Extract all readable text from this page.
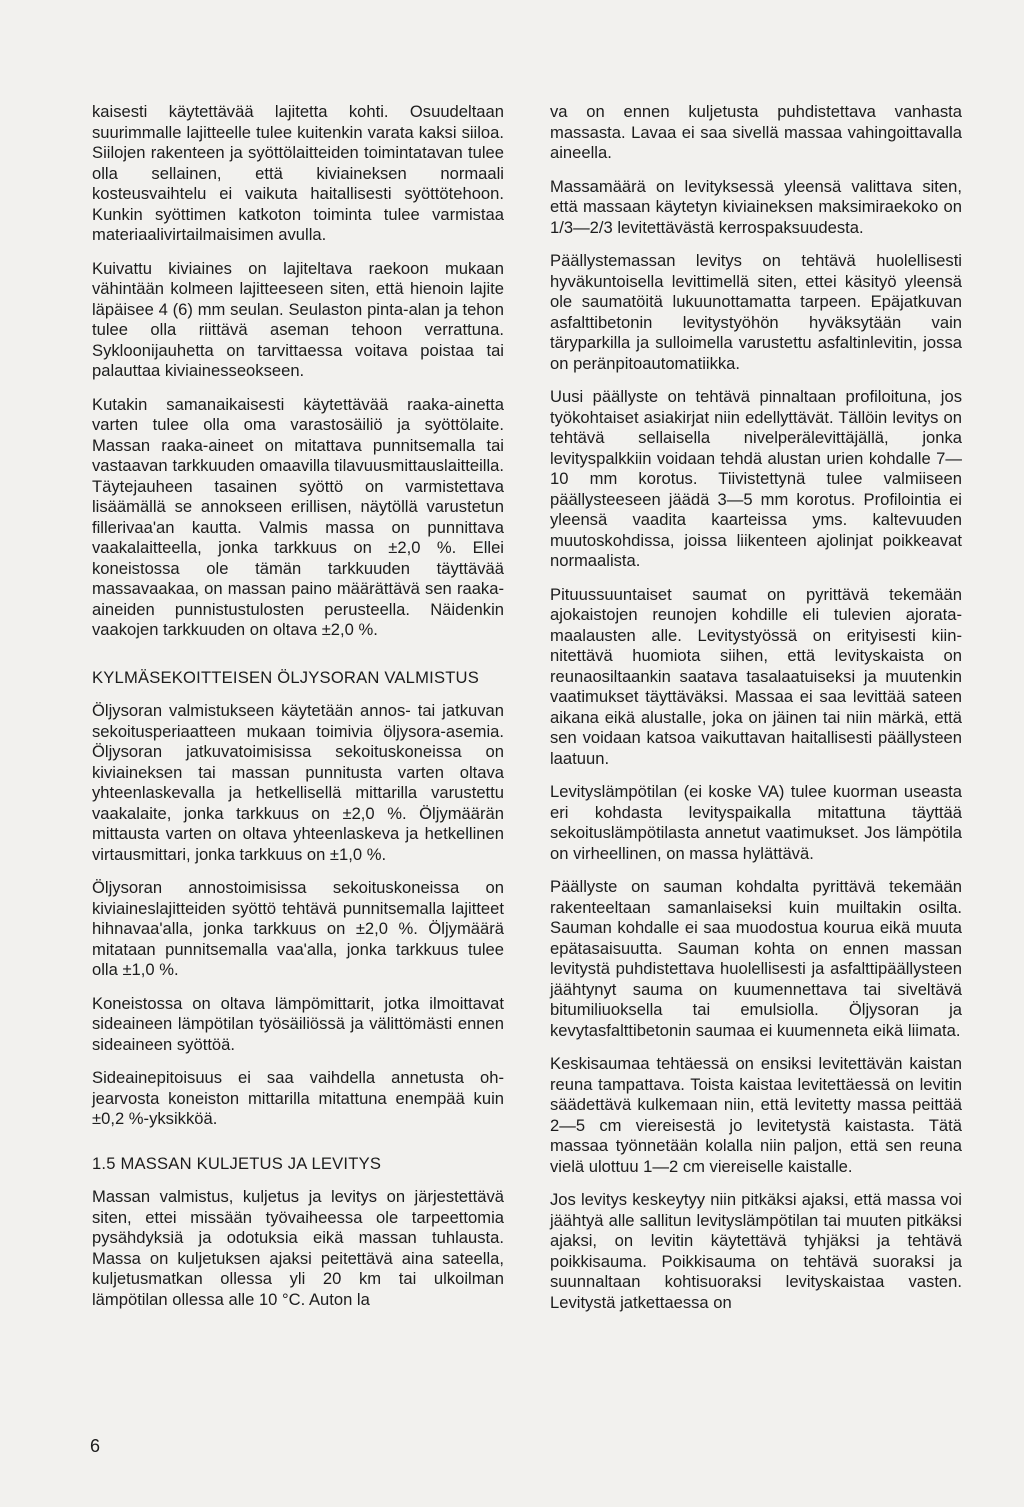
kaisesti käytettävää lajitetta kohti. Osuudeltaan suurimmalle lajitteelle tulee kuitenkin varata kaksi siiloa. Siilojen rakenteen ja syöttölaitteiden toimintatavan tulee olla sellainen, että kiviaineksen normaali kosteusvaihtelu ei vaikuta haitallisesti syöttötehoon. Kunkin syöttimen katkoton toiminta tulee varmistaa materiaalivirtailmaisimen avulla.

Kuivattu kiviaines on lajiteltava raekoon mukaan vähintään kolmeen lajitteeseen siten, että hienoin lajite läpäisee 4 (6) mm seulan. Seulaston pinta-alan ja tehon tulee olla riittävä aseman tehoon verrattuna. Sykloonijauhetta on tarvittaessa voitava poistaa tai palauttaa kiviainesseokseen.

Kutakin samanaikaisesti käytettävää raaka-ainetta varten tulee olla oma varastosäiliö ja syöttölaite. Massan raaka-aineet on mitattava punnitsemalla tai vastaavan tarkkuuden omaavilla tilavuusmittauslaitteilla. Täytejauheen tasainen syöttö on varmistettava lisäämällä se annokseen erillisen, näytöllä varustetun fillerivaa'an kautta. Valmis massa on punnittava vaakalaitteella, jonka tarkkuus on ±2,0 %. Ellei koneistossa ole tämän tarkkuuden täyttävää massavaakaa, on massan paino määrättävä sen raaka-aineiden punnistustulosten perusteella. Näidenkin vaakojen tarkkuuden on oltava ±2,0 %.

KYLMÄSEKOITTEISEN ÖLJYSORAN VALMISTUS

Öljysoran valmistukseen käytetään annos- tai jatkuvan sekoitusperiaatteen mukaan toimivia öljysora-asemia. Öljysoran jatkuvatoimisissa sekoituskoneissa on kiviaineksen tai massan punnitusta varten oltava yhteenlaskevalla ja hetkellisellä mittarilla varustettu vaakalaite, jonka tarkkuus on ±2,0 %. Öljymäärän mittausta varten on oltava yhteenlaskeva ja hetkellinen virtausmittari, jonka tarkkuus on ±1,0 %.

Öljysoran annostoimisissa sekoituskoneissa on kiviaineslajitteiden syöttö tehtävä punnitsemalla lajitteet hihnavaa'alla, jonka tarkkuus on ±2,0 %. Öljymäärä mitataan punnitsemalla vaa'alla, jonka tarkkuus tulee olla ±1,0 %.

Koneistossa on oltava lämpömittarit, jotka ilmoittavat sideaineen lämpötilan työsäiliössä ja välittömästi ennen sideaineen syöttöä.

Sideainepitoisuus ei saa vaihdella annetusta ohjearvosta koneiston mittarilla mitattuna enempää kuin ±0,2 %-yksikköä.

1.5 MASSAN KULJETUS JA LEVITYS

Massan valmistus, kuljetus ja levitys on järjestettävä siten, ettei missään työvaiheessa ole tarpeettomia pysähdyksiä ja odotuksia eikä massan tuhlausta. Massa on kuljetuksen ajaksi peitettävä aina sateella, kuljetusmatkan ollessa yli 20 km tai ulkoilman lämpötilan ollessa alle 10 °C. Auton la

va on ennen kuljetusta puhdistettava vanhasta massasta. Lavaa ei saa sivellä massaa vahingoittavalla aineella.

Massamäärä on levityksessä yleensä valittava siten, että massaan käytetyn kiviaineksen maksimiraekoko on 1/3—2/3 levitettävästä kerrospaksuudesta.

Päällystemassan levitys on tehtävä huolellisesti hyväkuntoisella levittimellä siten, ettei käsityö yleensä ole saumatöitä lukuunottamatta tarpeen. Epäjatkuvan asfalttibetonin levitystyöhön hyväksytään vain täryparkilla ja sulloimella varustettu asfaltinlevitin, jossa on peränpitoautomatiikka.

Uusi päällyste on tehtävä pinnaltaan profiloituna, jos työkohtaiset asiakirjat niin edellyttävät. Tällöin levitys on tehtävä sellaisella nivelperälevittäjällä, jonka levityspalkkiin voidaan tehdä alustan urien kohdalle 7—10 mm korotus. Tiivistettynä tulee valmiiseen päällysteeseen jäädä 3—5 mm korotus. Profilointia ei yleensä vaadita kaarteissa yms. kaltevuuden muutoskohdissa, joissa liikenteen ajolinjat poikkeavat normaalista.

Pituussuuntaiset saumat on pyrittävä tekemään ajokaistojen reunojen kohdille eli tulevien ajoratamaalausten alle. Levitystyössä on erityisesti kiinnitettävä huomiota siihen, että levityskaista on reunaosiltaankin saatava tasalaatuiseksi ja muutenkin vaatimukset täyttäväksi. Massaa ei saa levittää sateen aikana eikä alustalle, joka on jäinen tai niin märkä, että sen voidaan katsoa vaikuttavan haitallisesti päällysteen laatuun.

Levityslämpötilan (ei koske VA) tulee kuorman useasta eri kohdasta levityspaikalla mitattuna täyttää sekoituslämpötilasta annetut vaatimukset. Jos lämpötila on virheellinen, on massa hylättävä.

Päällyste on sauman kohdalta pyrittävä tekemään rakenteeltaan samanlaiseksi kuin muiltakin osilta. Sauman kohdalle ei saa muodostua kourua eikä muuta epätasaisuutta. Sauman kohta on ennen massan levitystä puhdistettava huolellisesti ja asfalttipäällysteen jäähtynyt sauma on kuumennettava tai siveltävä bitumiliuoksella tai emulsiolla. Öljysoran ja kevytasfalttibetonin saumaa ei kuumenneta eikä liimata.

Keskisaumaa tehtäessä on ensiksi levitettävän kaistan reuna tampattava. Toista kaistaa levitettäessä on levitin säädettävä kulkemaan niin, että levitetty massa peittää 2—5 cm viereisestä jo levitetystä kaistasta. Tätä massaa työnnetään kolalla niin paljon, että sen reuna vielä ulottuu 1—2 cm viereiselle kaistalle.

Jos levitys keskeytyy niin pitkäksi ajaksi, että massa voi jäähtyä alle sallitun levityslämpötilan tai muuten pitkäksi ajaksi, on levitin käytettävä tyhjäksi ja tehtävä poikkisauma. Poikkisauma on tehtävä suoraksi ja suunnaltaan kohtisuoraksi levityskaistaa vasten. Levitystä jatkettaessa on

6
